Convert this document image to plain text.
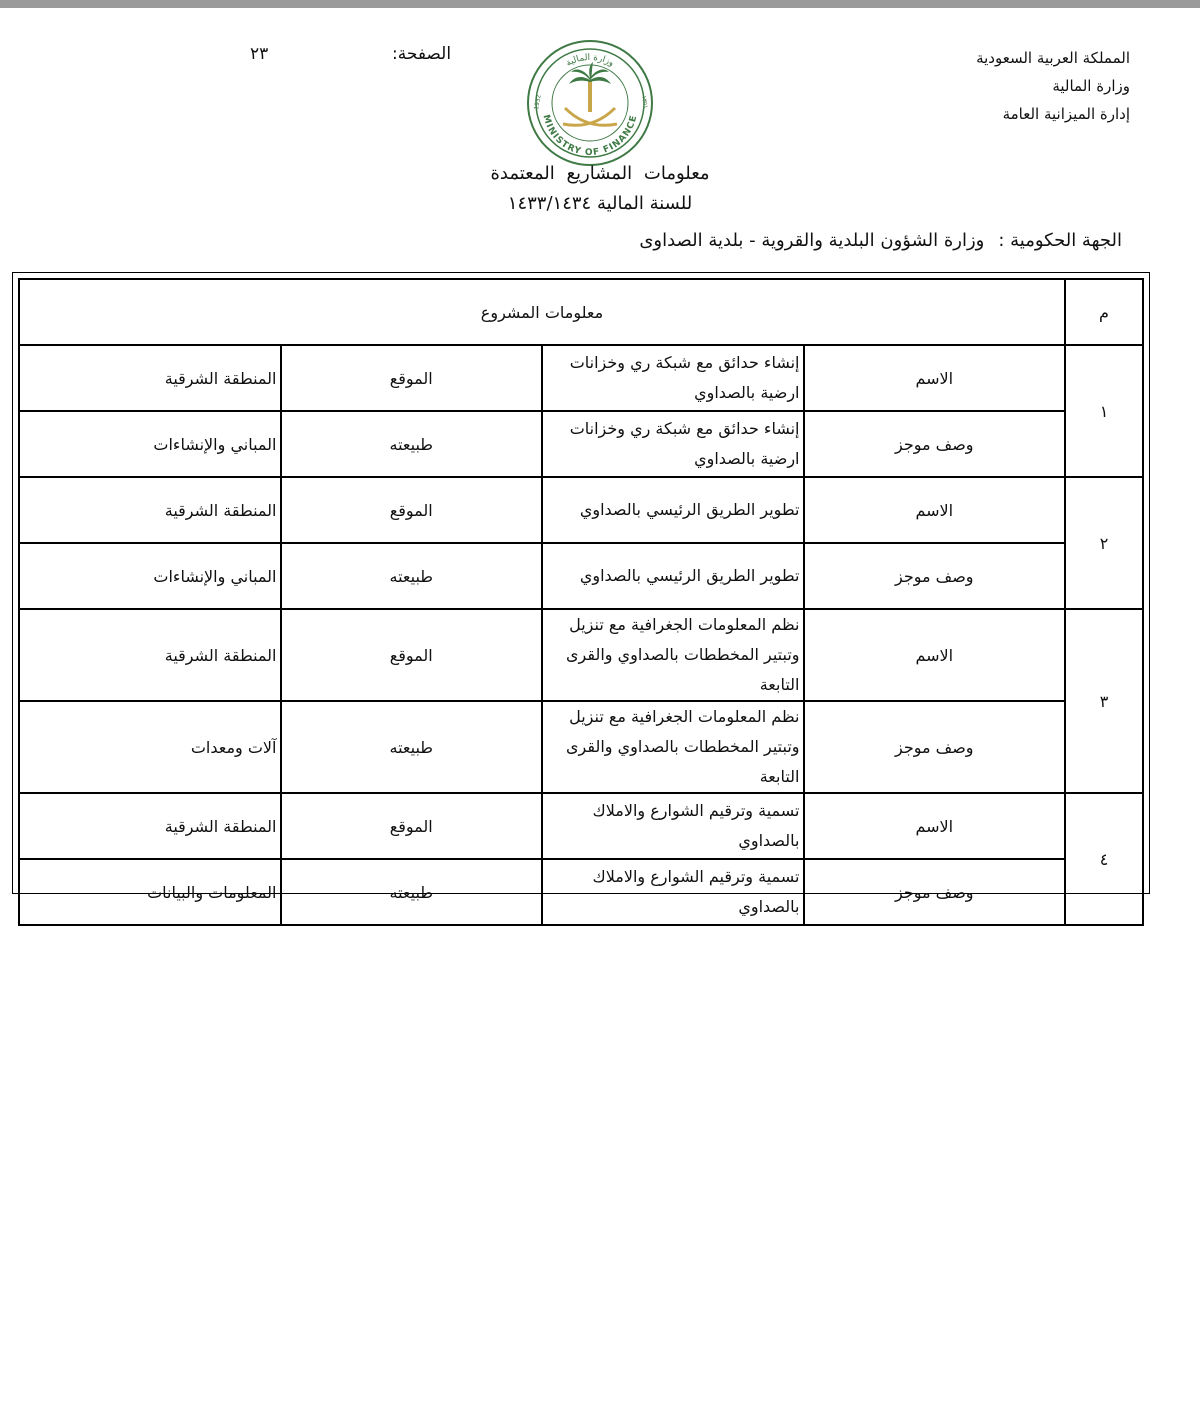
المملكة العربية السعودية
وزارة المالية
إدارة الميزانية العامة
الصفحة:
٢٣
MINISTRY OF FINANCE
وزارة المالية
1932	١٣٥١
معلومات المشاريع المعتمدة
للسنة المالية ١٤٣٣/١٤٣٤
الجهة الحكومية :
وزارة الشؤون البلدية والقروية - بلدية الصداوى
م	معلومات المشروع			
١	الاسم	إنشاء حدائق مع شبكة ري وخزانات ارضية بالصداوي	الموقع	المنطقة الشرقية
	وصف موجز	إنشاء حدائق مع شبكة ري وخزانات ارضية بالصداوي	طبيعته	المباني والإنشاءات
٢	الاسم	تطوير الطريق الرئيسي بالصداوي	الموقع	المنطقة الشرقية
	وصف موجز	تطوير الطريق الرئيسي بالصداوي	طبيعته	المباني والإنشاءات
٣	الاسم	نظم المعلومات الجغرافية مع تنزيل وتبتير المخططات بالصداوي والقرى التابعة	الموقع	المنطقة الشرقية
	وصف موجز	نظم المعلومات الجغرافية مع تنزيل وتبتير المخططات بالصداوي والقرى التابعة	طبيعته	آلات ومعدات
٤	الاسم	تسمية وترقيم الشوارع والاملاك بالصداوي	الموقع	المنطقة الشرقية
	وصف موجز	تسمية وترقيم الشوارع والاملاك بالصداوي	طبيعته	المعلومات والبيانات
